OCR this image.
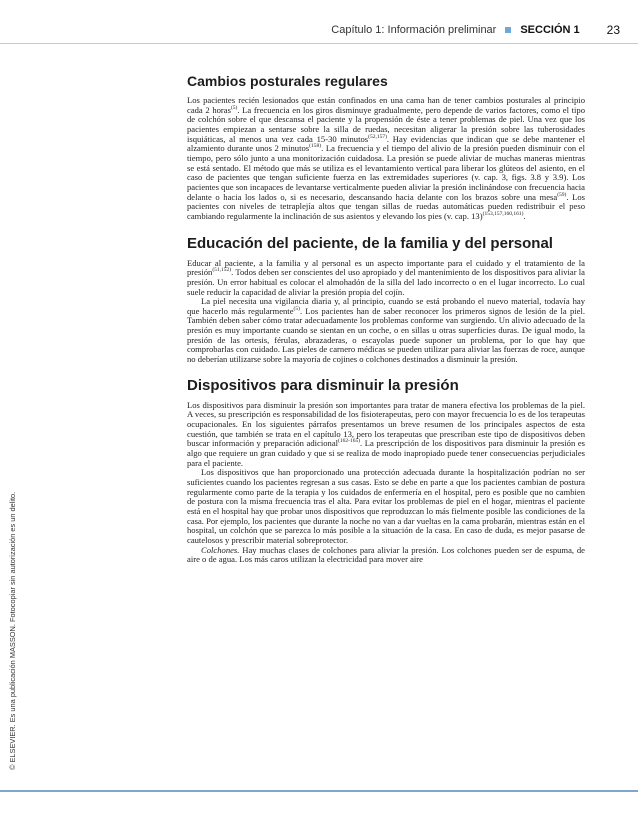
Capítulo 1: Información preliminar SECCIÓN 1 23
© ELSEVIER. Es una publicación MASSON. Fotocopiar sin autorización es un delito.
Cambios posturales regulares

Los pacientes recién lesionados que están confinados en una cama han de tener cambios posturales al principio cada 2 horas$^{(5)}$. La frecuencia en los giros disminuye gradualmente, pero depende de varios factores, como el tipo de colchón sobre el que descansa el paciente y la propensión de éste a tener problemas de piel. Una vez que los pacientes empiezan a sentarse sobre la silla de ruedas, necesitan aligerar la presión sobre las tuberosidades isquiáticas, al menos una vez cada 15-30 minutos$^{(52,157)}$. Hay evidencias que indican que se debe mantener el alzamiento durante unos 2 minutos$^{(158)}$. La frecuencia y el tiempo del alivio de la presión pueden disminuir con el tiempo, pero sólo junto a una monitorización cuidadosa. La presión se puede aliviar de muchas maneras mientras se está sentado. El método que más se utiliza es el levantamiento vertical para liberar los glúteos del asiento, en el caso de pacientes que tengan suficiente fuerza en las extremidades superiores (v. cap. 3, figs. 3.8 y 3.9). Los pacientes que son incapaces de levantarse verticalmente pueden aliviar la presión inclinándose con frecuencia hacia delante o hacia los lados o, si es necesario, descansando hacia delante con los brazos sobre una mesa$^{(59)}$. Los pacientes con niveles de tetraplejía altos que tengan sillas de ruedas automáticas pueden redistribuir el peso cambiando regularmente la inclinación de sus asientos y elevando los pies (v. cap. 13)$^{(153,157,160,161)}$.

Educación del paciente, de la familia y del personal

Educar al paciente, a la familia y al personal es un aspecto importante para el cuidado y el tratamiento de la presión$^{(51,152)}$. Todos deben ser conscientes del uso apropiado y del mantenimiento de los dispositivos para aliviar la presión. Un error habitual es colocar el almohadón de la silla del lado incorrecto o en el lugar incorrecto. Lo cual suele reducir la capacidad de aliviar la presión propia del cojín.

La piel necesita una vigilancia diaria y, al principio, cuando se está probando el nuevo material, todavía hay que hacerlo más regularmente$^{(5)}$. Los pacientes han de saber reconocer los primeros signos de lesión de la piel. También deben saber cómo tratar adecuadamente los problemas conforme van surgiendo. Un alivio adecuado de la presión es muy importante cuando se sientan en un coche, o en sillas u otras superficies duras. De igual modo, la presión de las ortesis, férulas, abrazaderas, o escayolas puede suponer un problema, por lo que hay que comprobarlas con cuidado. Las pieles de carnero médicas se pueden utilizar para aliviar las fuerzas de roce, aunque no deberían utilizarse sobre la mayoría de cojines o colchones destinados a disminuir la presión.

Dispositivos para disminuir la presión

Los dispositivos para disminuir la presión son importantes para tratar de manera efectiva los problemas de la piel. A veces, su prescripción es responsabilidad de los fisioterapeutas, pero con mayor frecuencia lo es de los terapeutas ocupacionales. En los siguientes párrafos presentamos un breve resumen de los principales aspectos de esta cuestión, que también se trata en el capítulo 13, pero los terapeutas que prescriban este tipo de dispositivos deben buscar información y preparación adicional$^{(162-165)}$. La prescripción de los dispositivos para disminuir la presión es algo que requiere un gran cuidado y que si se realiza de modo inapropiado puede tener consecuencias perjudiciales para el paciente.

Los dispositivos que han proporcionado una protección adecuada durante la hospitalización podrían no ser suficientes cuando los pacientes regresan a sus casas. Esto se debe en parte a que los pacientes cambian de postura regularmente como parte de la terapia y los cuidados de enfermería en el hospital, pero es posible que no cambien de postura con la misma frecuencia tras el alta. Para evitar los problemas de piel en el hogar, mientras el paciente está en el hospital hay que probar unos dispositivos que reproduzcan lo más fielmente posible las condiciones de la casa. Por ejemplo, los pacientes que durante la noche no van a dar vueltas en la cama probarán, mientras están en el hospital, un colchón que se parezca lo más posible a la situación de la casa. En caso de duda, es mejor pasarse de cautelosos y prescribir material sobreprotector.

Colchones. Hay muchas clases de colchones para aliviar la presión. Los colchones pueden ser de espuma, de aire o de agua. Los más caros utilizan la electricidad para mover aire
